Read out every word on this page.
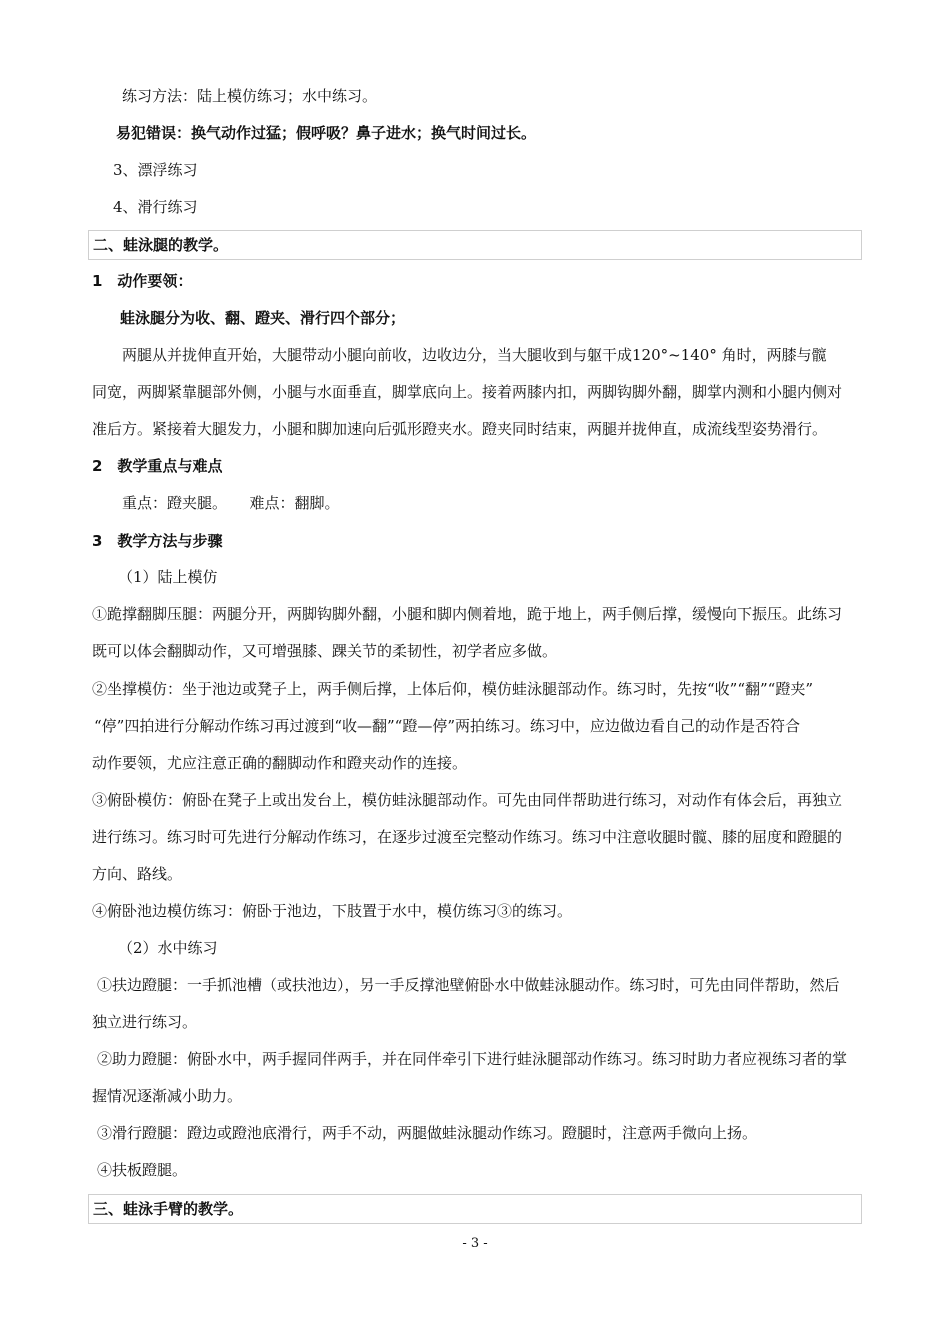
练习方法：陆上模仿练习；水中练习。
易犯错误：换气动作过猛；假呼吸？鼻子进水；换气时间过长。
3、漂浮练习
4、滑行练习
二、蛙泳腿的教学。
1　动作要领：
蛙泳腿分为收、翻、蹬夹、滑行四个部分；
两腿从并拢伸直开始，大腿带动小腿向前收，边收边分，当大腿收到与躯干成120°~140° 角时，两膝与髋
同宽，两脚紧靠腿部外侧，小腿与水面垂直，脚掌底向上。接着两膝内扣，两脚钩脚外翻，脚掌内测和小腿内侧对
准后方。紧接着大腿发力，小腿和脚加速向后弧形蹬夹水。蹬夹同时结束，两腿并拢伸直，成流线型姿势滑行。
2　教学重点与难点
重点：蹬夹腿。　　难点：翻脚。
3　教学方法与步骤
（1）陆上模仿
①跪撑翻脚压腿：两腿分开，两脚钩脚外翻，小腿和脚内侧着地，跪于地上，两手侧后撑，缓慢向下振压。此练习
既可以体会翻脚动作，又可增强膝、踝关节的柔韧性，初学者应多做。
②坐撑模仿：坐于池边或凳子上，两手侧后撑，上体后仰，模仿蛙泳腿部动作。练习时，先按“收”“翻”“蹬夹”
“停”四拍进行分解动作练习再过渡到“收—翻”“蹬—停”两拍练习。练习中，应边做边看自己的动作是否符合
动作要领，尤应注意正确的翻脚动作和蹬夹动作的连接。
③俯卧模仿：俯卧在凳子上或出发台上，模仿蛙泳腿部动作。可先由同伴帮助进行练习，对动作有体会后，再独立
进行练习。练习时可先进行分解动作练习，在逐步过渡至完整动作练习。练习中注意收腿时髋、膝的屈度和蹬腿的
方向、路线。
④俯卧池边模仿练习：俯卧于池边，下肢置于水中，模仿练习③的练习。
（2）水中练习
①扶边蹬腿：一手抓池槽（或扶池边），另一手反撑池壁俯卧水中做蛙泳腿动作。练习时，可先由同伴帮助，然后
独立进行练习。
②助力蹬腿：俯卧水中，两手握同伴两手，并在同伴牵引下进行蛙泳腿部动作练习。练习时助力者应视练习者的掌
握情况逐渐减小助力。
③滑行蹬腿：蹬边或蹬池底滑行，两手不动，两腿做蛙泳腿动作练习。蹬腿时，注意两手微向上扬。
④扶板蹬腿。
三、蛙泳手臂的教学。
- 3 -
